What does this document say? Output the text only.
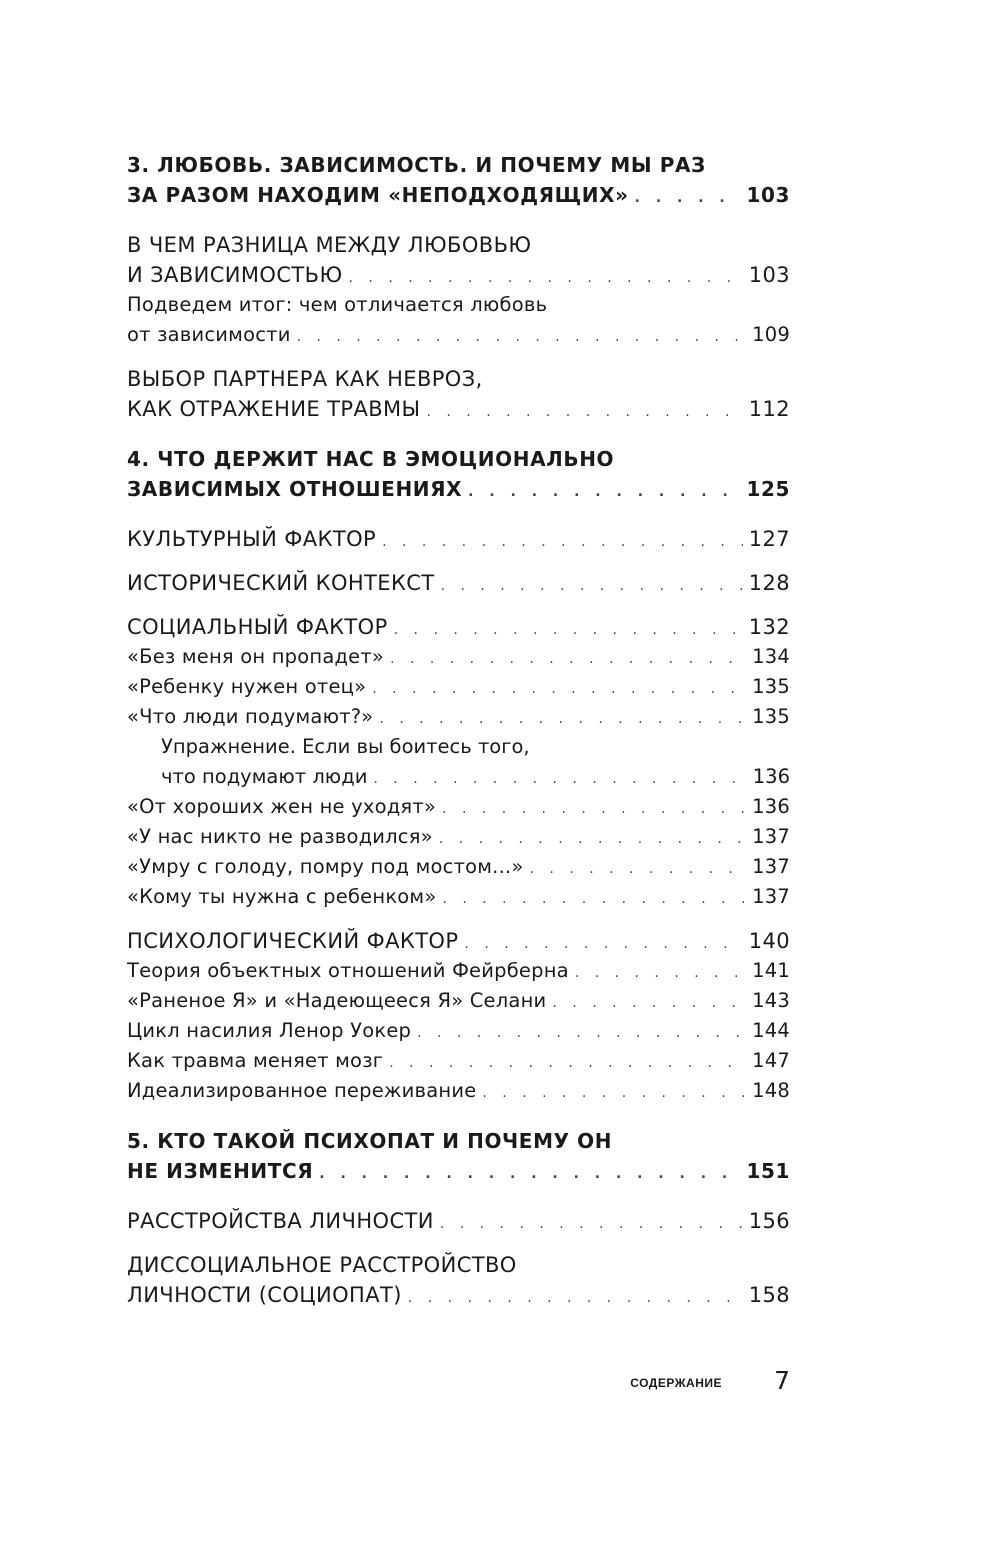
3. ЛЮБОВЬ. ЗАВИСИМОСТЬ. И ПОЧЕМУ МЫ РАЗ
ЗА РАЗОМ НАХОДИМ «НЕПОДХОДЯЩИХ» . . .	103
В ЧЕМ РАЗНИЦА МЕЖДУ ЛЮБОВЬЮ
И ЗАВИСИМОСТЬЮ . . .	103
Подведем итог: чем отличается любовь
от зависимости . . .	109
ВЫБОР ПАРТНЕРА КАК НЕВРОЗ,
КАК ОТРАЖЕНИЕ ТРАВМЫ . . .	112
4. ЧТО ДЕРЖИТ НАС В ЭМОЦИОНАЛЬНО
ЗАВИСИМЫХ ОТНОШЕНИЯХ . . .	125
КУЛЬТУРНЫЙ ФАКТОР . . .	127
ИСТОРИЧЕСКИЙ КОНТЕКСТ . . .	128
СОЦИАЛЬНЫЙ ФАКТОР . . .	132
«Без меня он пропадет» . . .	134
«Ребенку нужен отец» . . .	135
«Что люди подумают?» . . .	135
Упражнение. Если вы боитесь того,
что подумают люди . . .	136
«От хороших жен не уходят» . . .	136
«У нас никто не разводился» . . .	137
«Умру с голоду, помру под мостом...» . . .	137
«Кому ты нужна с ребенком» . . .	137
ПСИХОЛОГИЧЕСКИЙ ФАКТОР . . .	140
Теория объектных отношений Фейрберна . . .	141
«Раненое Я» и «Надеющееся Я» Селани . . .	143
Цикл насилия Ленор Уокер . . .	144
Как травма меняет мозг . . .	147
Идеализированное переживание . . .	148
5. КТО ТАКОЙ ПСИХОПАТ И ПОЧЕМУ ОН
НЕ ИЗМЕНИТСЯ . . .	151
РАССТРОЙСТВА ЛИЧНОСТИ . . .	156
ДИССОЦИАЛЬНОЕ РАССТРОЙСТВО
ЛИЧНОСТИ (СОЦИОПАТ) . . .	158
СОДЕРЖАНИЕ 7
